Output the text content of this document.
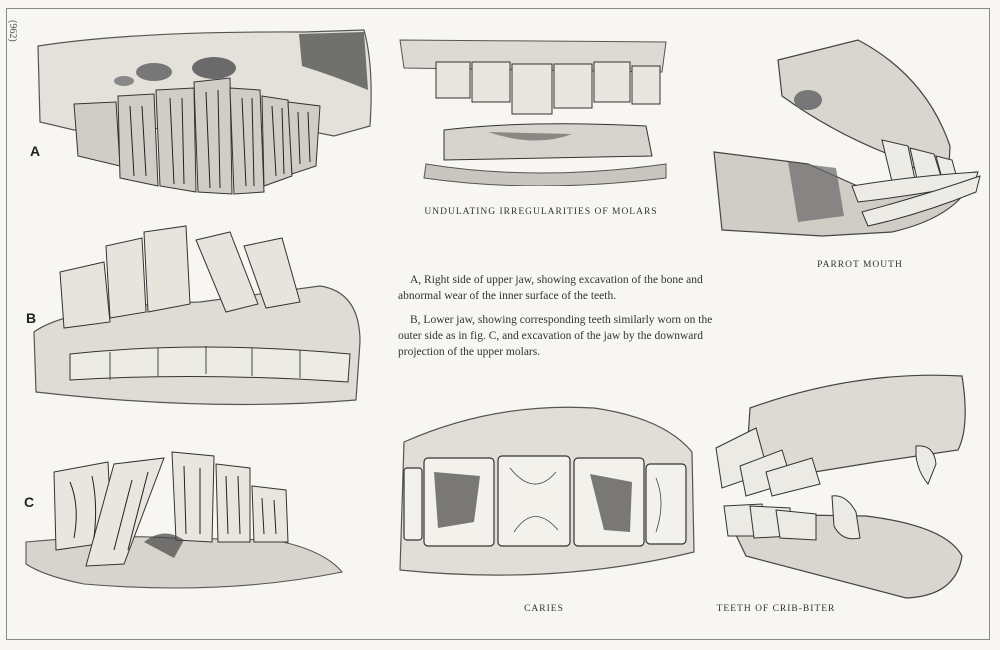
(962)
A
UNDULATING IRREGULARITIES OF MOLARS
PARROT MOUTH
B

A, Right side of upper jaw, showing excavation of the bone and abnormal wear of the inner surface of the teeth.

B, Lower jaw, showing corresponding teeth similarly worn on the outer side as in fig. C, and excavation of the jaw by the downward projection of the upper molars.

C
CARIES	TEETH OF CRIB-BITER
